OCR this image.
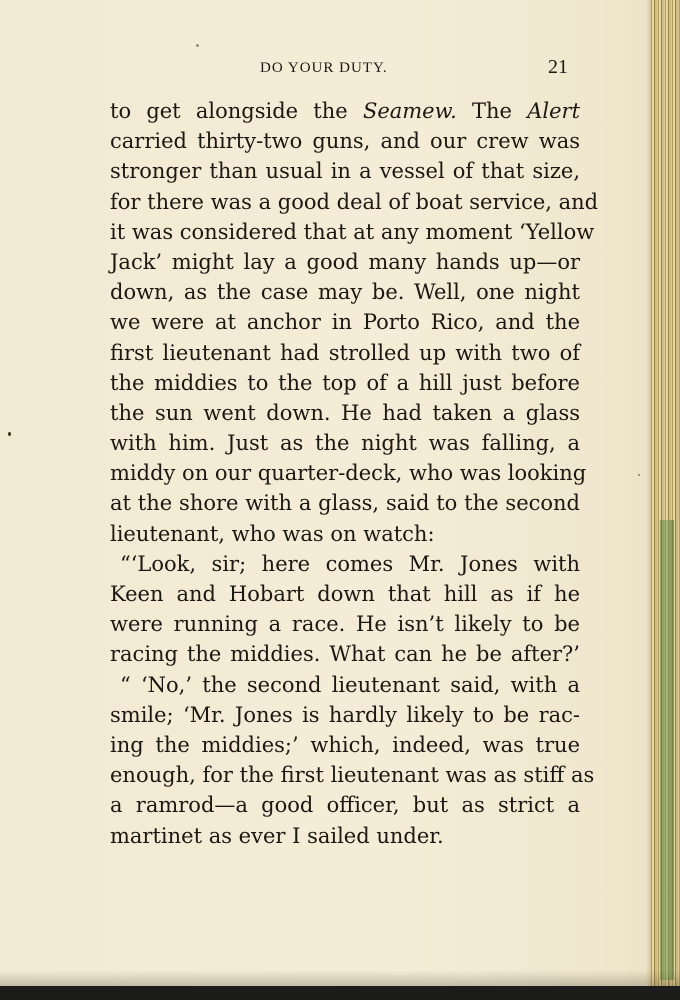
DO YOUR DUTY.	21
to get alongside the Seamew. The Alert
carried thirty-two guns, and our crew was
stronger than usual in a vessel of that size,
for there was a good deal of boat service, and
it was considered that at any moment ‘Yellow
Jack’ might lay a good many hands up—or
down, as the case may be. Well, one night
we were at anchor in Porto Rico, and the
first lieutenant had strolled up with two of
the middies to the top of a hill just before
the sun went down. He had taken a glass
with him. Just as the night was falling, a
middy on our quarter-deck, who was looking
at the shore with a glass, said to the second
lieutenant, who was on watch:
“‘Look, sir; here comes Mr. Jones with
Keen and Hobart down that hill as if he
were running a race. He isn’t likely to be
racing the middies. What can he be after?’
“ ‘No,’ the second lieutenant said, with a
smile; ‘Mr. Jones is hardly likely to be rac-
ing the middies;’ which, indeed, was true
enough, for the first lieutenant was as stiff as
a ramrod—a good officer, but as strict a
martinet as ever I sailed under.
